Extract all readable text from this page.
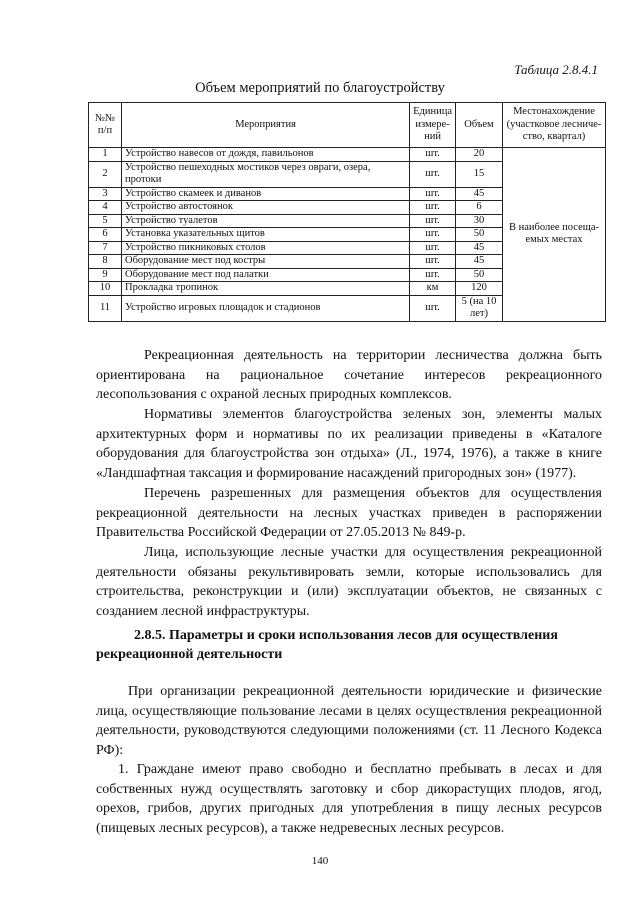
Таблица 2.8.4.1
Объем мероприятий по благоустройству
№№ п/п	Мероприятия	Единица измере- ний	Объем	Местонахождение (участковое лесниче- ство, квартал)
1	Устройство навесов от дождя, павильонов	шт.	20	В наиболее посеща- емых местах
2	Устройство пешеходных мостиков через овраги, озера, протоки	шт.	15	
3	Устройство скамеек и диванов	шт.	45	
4	Устройство автостоянок	шт.	6	
5	Устройство туалетов	шт.	30	
6	Установка указательных щитов	шт.	50	
7	Устройство пикниковых столов	шт.	45	
8	Оборудование мест под костры	шт.	45	
9	Оборудование мест под палатки	шт.	50	
10	Прокладка тропинок	км	120	
11	Устройство игровых площадок и стадионов	шт.	5 (на 10 лет)	

Рекреационная деятельность на территории лесничества должна быть ориентирована на рациональное сочетание интересов рекреационного лесопользования с охраной лесных природных комплексов.

Нормативы элементов благоустройства зеленых зон, элементы малых архитектурных форм и нормативы по их реализации приведены в «Каталоге оборудования для благоустройства зон отдыха» (Л., 1974, 1976), а также в книге «Ландшафтная таксация и формирование насаждений пригородных зон» (1977).

Перечень разрешенных для размещения объектов для осуществления рекреационной деятельности на лесных участках приведен в распоряжении Правительства Российской Федерации от 27.05.2013 № 849-р.

Лица, использующие лесные участки для осуществления рекреационной деятельности обязаны рекультивировать земли, которые использовались для строительства, реконструкции и (или) эксплуатации объектов, не связанных с созданием лесной инфраструктуры.

2.8.5. Параметры и сроки использования лесов для осуществления рекреационной деятельности

При организации рекреационной деятельности юридические и физические лица, осуществляющие пользование лесами в целях осуществления рекреационной деятельности, руководствуются следующими положениями (ст. 11 Лесного Кодекса РФ):

1. Граждане имеют право свободно и бесплатно пребывать в лесах и для собственных нужд осуществлять заготовку и сбор дикорастущих плодов, ягод, орехов, грибов, других пригодных для употребления в пищу лесных ресурсов (пищевых лесных ресурсов), а также недревесных лесных ресурсов.

140
